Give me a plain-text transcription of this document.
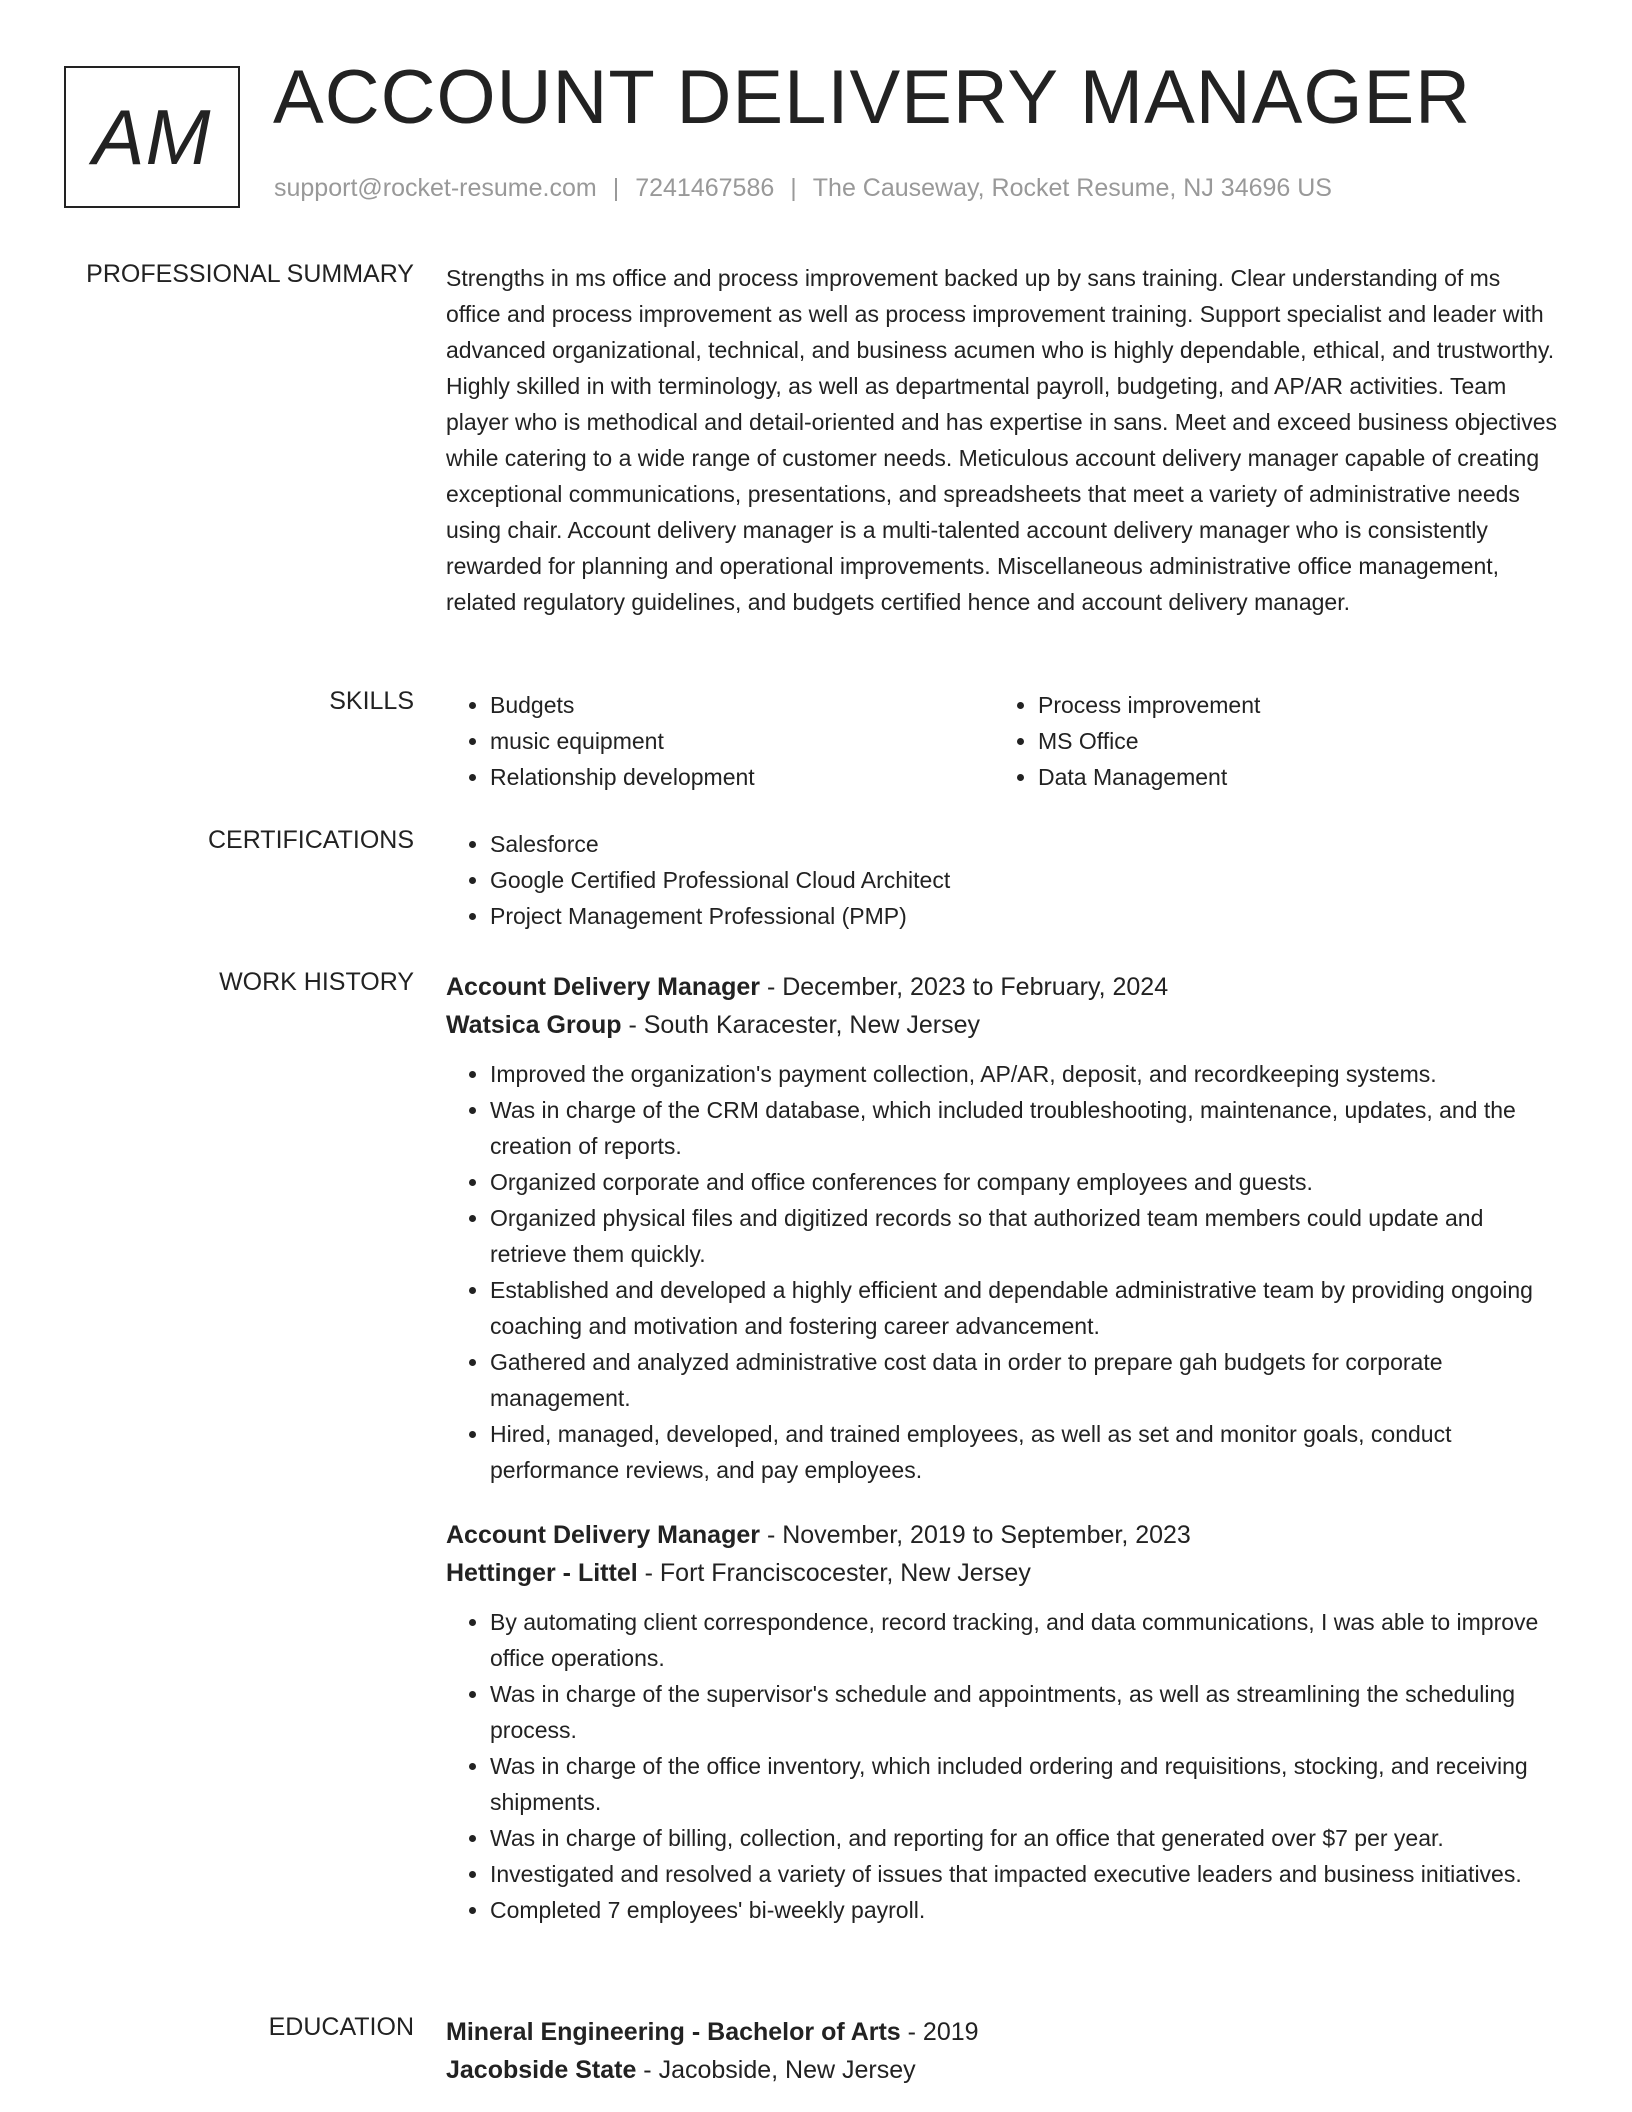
AM ACCOUNT DELIVERY MANAGER
support@rocket-resume.com | 7241467586 | The Causeway, Rocket Resume, NJ 34696 US
PROFESSIONAL SUMMARY Strengths in ms office and process improvement backed up by sans training. Clear understanding of ms office and process improvement as well as process improvement training. Support specialist and leader with advanced organizational, technical, and business acumen who is highly dependable, ethical, and trustworthy. Highly skilled in with terminology, as well as departmental payroll, budgeting, and AP/AR activities. Team player who is methodical and detail-oriented and has expertise in sans. Meet and exceed business objectives while catering to a wide range of customer needs. Meticulous account delivery manager capable of creating exceptional communications, presentations, and spreadsheets that meet a variety of administrative needs using chair. Account delivery manager is a multi-talented account delivery manager who is consistently rewarded for planning and operational improvements. Miscellaneous administrative office management, related regulatory guidelines, and budgets certified hence and account delivery manager.

SKILLS	• Budgets
• music equipment
• Relationship development
• Process improvement
• MS Office
• Data Management
CERTIFICATIONS	• Salesforce
• Google Certified Professional Cloud Architect
• Project Management Professional (PMP)
WORK HISTORY Account Delivery Manager - December, 2023 to February, 2024
Watsica Group - South Karacester, New Jersey
• Improved the organization's payment collection, AP/AR, deposit, and recordkeeping systems.
• Was in charge of the CRM database, which included troubleshooting, maintenance, updates, and the creation of reports.
• Organized corporate and office conferences for company employees and guests.
• Organized physical files and digitized records so that authorized team members could update and retrieve them quickly.
• Established and developed a highly efficient and dependable administrative team by providing ongoing coaching and motivation and fostering career advancement.
• Gathered and analyzed administrative cost data in order to prepare gah budgets for corporate management.
• Hired, managed, developed, and trained employees, as well as set and monitor goals, conduct performance reviews, and pay employees.
Account Delivery Manager - November, 2019 to September, 2023
Hettinger - Littel - Fort Franciscocester, New Jersey
• By automating client correspondence, record tracking, and data communications, I was able to improve office operations.
• Was in charge of the supervisor's schedule and appointments, as well as streamlining the scheduling process.
• Was in charge of the office inventory, which included ordering and requisitions, stocking, and receiving shipments.
• Was in charge of billing, collection, and reporting for an office that generated over $7 per year.
• Investigated and resolved a variety of issues that impacted executive leaders and business initiatives.
• Completed 7 employees' bi-weekly payroll.
EDUCATION Mineral Engineering - Bachelor of Arts - 2019
Jacobside State - Jacobside, New Jersey
